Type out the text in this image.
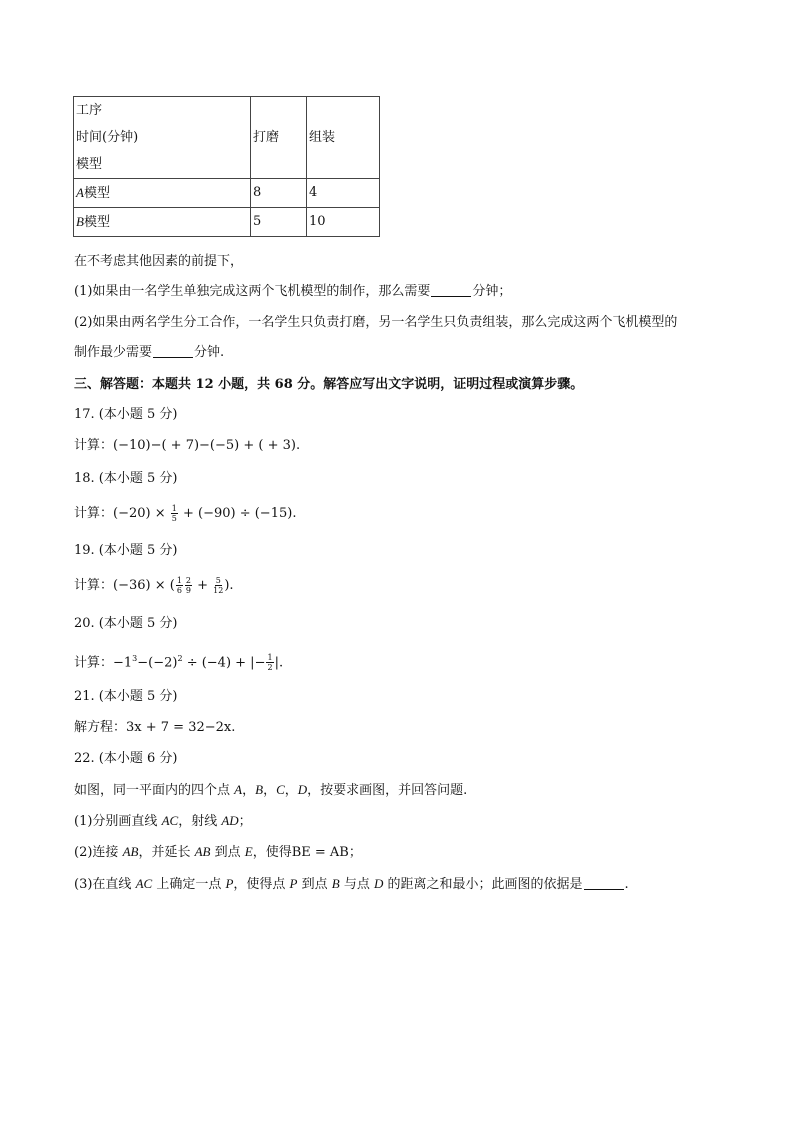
工序
时间(分钟)
模型	打磨	组装
A模型	8	4
B模型	5	10
在不考虑其他因素的前提下，
(1)如果由一名学生单独完成这两个飞机模型的制作，那么需要	分钟；
(2)如果由两名学生分工合作，一名学生只负责打磨，另一名学生只负责组装，那么完成这两个飞机模型的
制作最少需要	分钟.
三、解答题：本题共 12 小题，共 68 分。解答应写出文字说明，证明过程或演算步骤。
17. (本小题 5 分)
计算：(−10)−( + 7)−(−5) + ( + 3).
18. (本小题 5 分)
计算：$(-20) \times \frac{1}{5} + (-90) \div (-15)$.
19. (本小题 5 分)
计算：(−36) × ( $\frac{1}{6} \frac{2}{9} + \frac{5}{12}$ ).
20. (本小题 5 分)
计算：$-1^3-(-2)^2 \div (-4)$ + |− $\frac{1}{2}$ |.
21. (本小题 5 分)
解方程：3x + 7 = 32−2x.
22. (本小题 6 分)
如图，同一平面内的四个点 A，B，C，D，按要求画图，并回答问题.
(1)分别画直线 AC，射线 AD；
(2)连接 AB，并延长 AB 到点 E，使得BE = AB；
(3)在直线 AC 上确定一点 P，使得点 P 到点 B 与点 D 的距离之和最小；此画图的依据是	.
